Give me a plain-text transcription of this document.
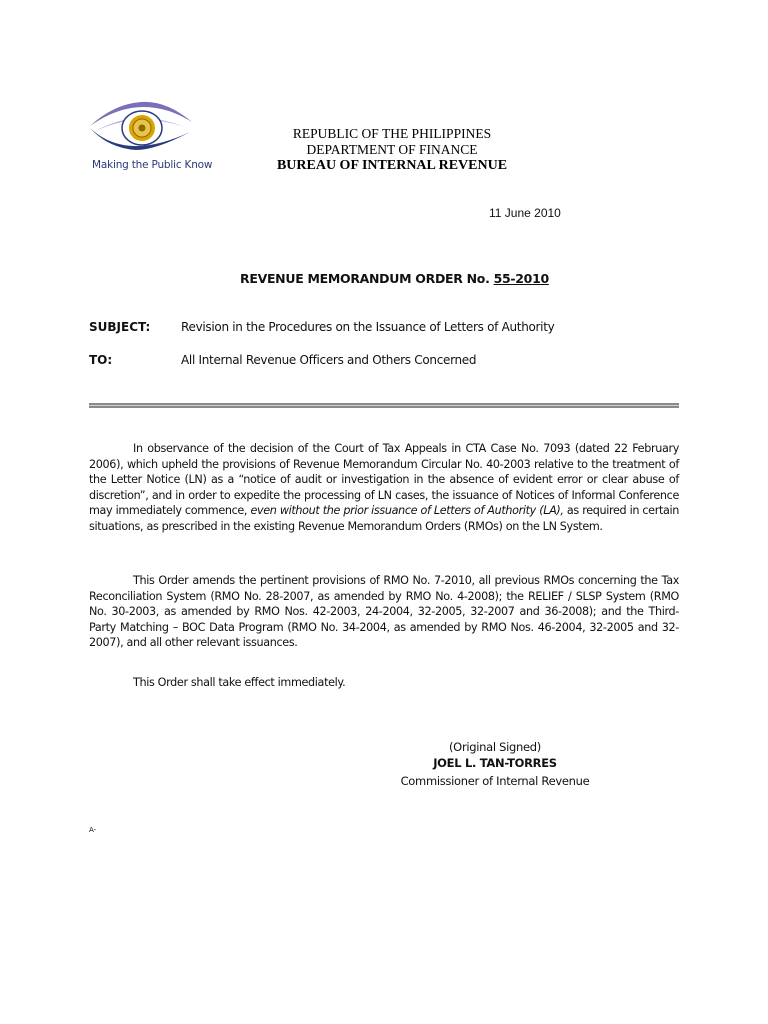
Making the Public Know
REPUBLIC OF THE PHILIPPINES
DEPARTMENT OF FINANCE
BUREAU OF INTERNAL REVENUE
11 June 2010
REVENUE MEMORANDUM ORDER No. 55-2010
SUBJECT:	Revision in the Procedures on the Issuance of Letters of Authority
TO:	All Internal Revenue Officers and Others Concerned

In observance of the decision of the Court of Tax Appeals in CTA Case No. 7093 (dated 22 February 2006), which upheld the provisions of Revenue Memorandum Circular No. 40-2003 relative to the treatment of the Letter Notice (LN) as a “notice of audit or investigation in the absence of evident error or clear abuse of discretion”, and in order to expedite the processing of LN cases, the issuance of Notices of Informal Conference may immediately commence, even without the prior issuance of Letters of Authority (LA), as required in certain situations, as prescribed in the existing Revenue Memorandum Orders (RMOs) on the LN System.

This Order amends the pertinent provisions of RMO No. 7-2010, all previous RMOs concerning the Tax Reconciliation System (RMO No. 28-2007, as amended by RMO No. 4-2008); the RELIEF / SLSP System (RMO No. 30-2003, as amended by RMO Nos. 42-2003, 24-2004, 32-2005, 32-2007 and 36-2008); and the Third-Party Matching – BOC Data Program (RMO No. 34-2004, as amended by RMO Nos. 46-2004, 32-2005 and 32-2007), and all other relevant issuances.

This Order shall take effect immediately.

(Original Signed)
JOEL L. TAN-TORRES
Commissioner of Internal Revenue
A-
